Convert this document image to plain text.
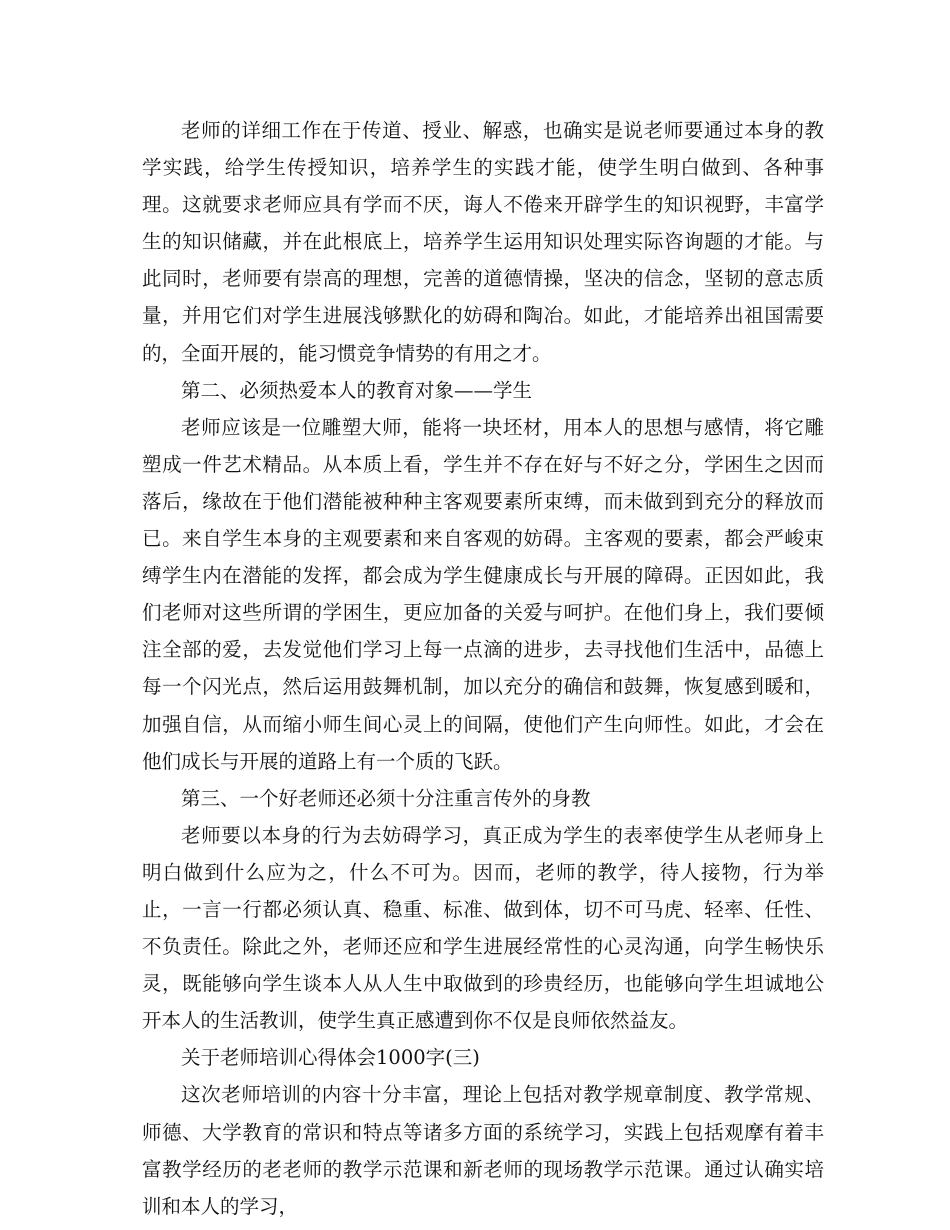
老师的详细工作在于传道、授业、解惑，也确实是说老师要通过本身的教学实践，给学生传授知识，培养学生的实践才能，使学生明白做到、各种事理。这就要求老师应具有学而不厌，诲人不倦来开辟学生的知识视野，丰富学生的知识储藏，并在此根底上，培养学生运用知识处理实际咨询题的才能。与此同时，老师要有崇高的理想，完善的道德情操，坚决的信念，坚韧的意志质量，并用它们对学生进展浅够默化的妨碍和陶冶。如此，才能培养出祖国需要的，全面开展的，能习惯竞争情势的有用之才。

第二、必须热爱本人的教育对象——学生

老师应该是一位雕塑大师，能将一块坯材，用本人的思想与感情，将它雕塑成一件艺术精品。从本质上看，学生并不存在好与不好之分，学困生之因而落后，缘故在于他们潜能被种种主客观要素所束缚，而未做到到充分的释放而已。来自学生本身的主观要素和来自客观的妨碍。主客观的要素，都会严峻束缚学生内在潜能的发挥，都会成为学生健康成长与开展的障碍。正因如此，我们老师对这些所谓的学困生，更应加备的关爱与呵护。在他们身上，我们要倾注全部的爱，去发觉他们学习上每一点滴的进步，去寻找他们生活中，品德上每一个闪光点，然后运用鼓舞机制，加以充分的确信和鼓舞，恢复感到暖和，加强自信，从而缩小师生间心灵上的间隔，使他们产生向师性。如此，才会在他们成长与开展的道路上有一个质的飞跃。

第三、一个好老师还必须十分注重言传外的身教

老师要以本身的行为去妨碍学习，真正成为学生的表率使学生从老师身上明白做到什么应为之，什么不可为。因而，老师的教学，待人接物，行为举止，一言一行都必须认真、稳重、标准、做到体，切不可马虎、轻率、任性、不负责任。除此之外，老师还应和学生进展经常性的心灵沟通，向学生畅快乐灵，既能够向学生谈本人从人生中取做到的珍贵经历，也能够向学生坦诚地公开本人的生活教训，使学生真正感遭到你不仅是良师依然益友。

关于老师培训心得体会1000字(三)

这次老师培训的内容十分丰富，理论上包括对教学规章制度、教学常规、师德、大学教育的常识和特点等诸多方面的系统学习，实践上包括观摩有着丰富教学经历的老老师的教学示范课和新老师的现场教学示范课。通过认确实培训和本人的学习，
